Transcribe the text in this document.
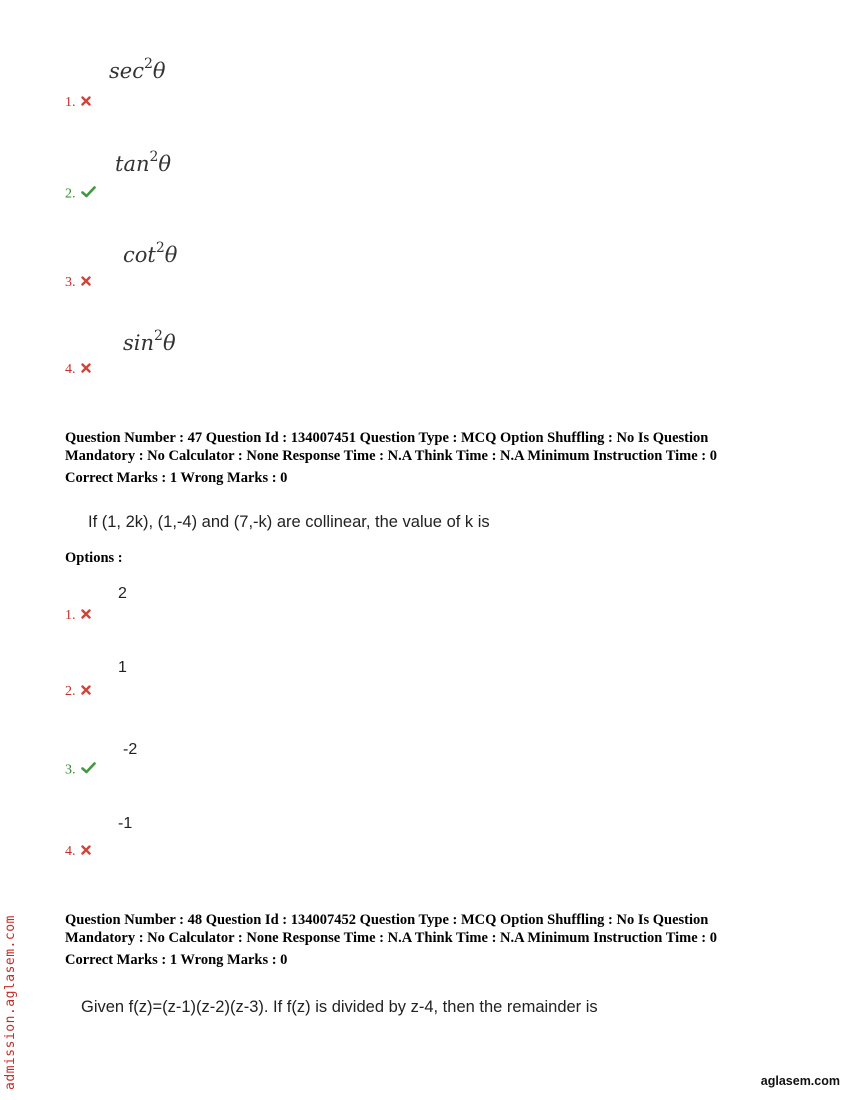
$\sec^2\theta$
1.
$\tan^2\theta$
2.
$\cot^2\theta$
3.
$\sin^2\theta$
4.
Question Number : 47 Question Id : 134007451 Question Type : MCQ Option Shuffling : No Is Question
Mandatory : No Calculator : None Response Time : N.A Think Time : N.A Minimum Instruction Time : 0
Correct Marks : 1 Wrong Marks : 0
If (1, 2k), (1,-4) and (7,-k) are collinear, the value of k is
Options :
2
1.
1
2.
-2
3.
-1
4.
Question Number : 48 Question Id : 134007452 Question Type : MCQ Option Shuffling : No Is Question
Mandatory : No Calculator : None Response Time : N.A Think Time : N.A Minimum Instruction Time : 0
Correct Marks : 1 Wrong Marks : 0
Given f(z)=(z-1)(z-2)(z-3). If f(z) is divided by z-4, then the remainder is
admission.aglasem.com	aglasem.com
